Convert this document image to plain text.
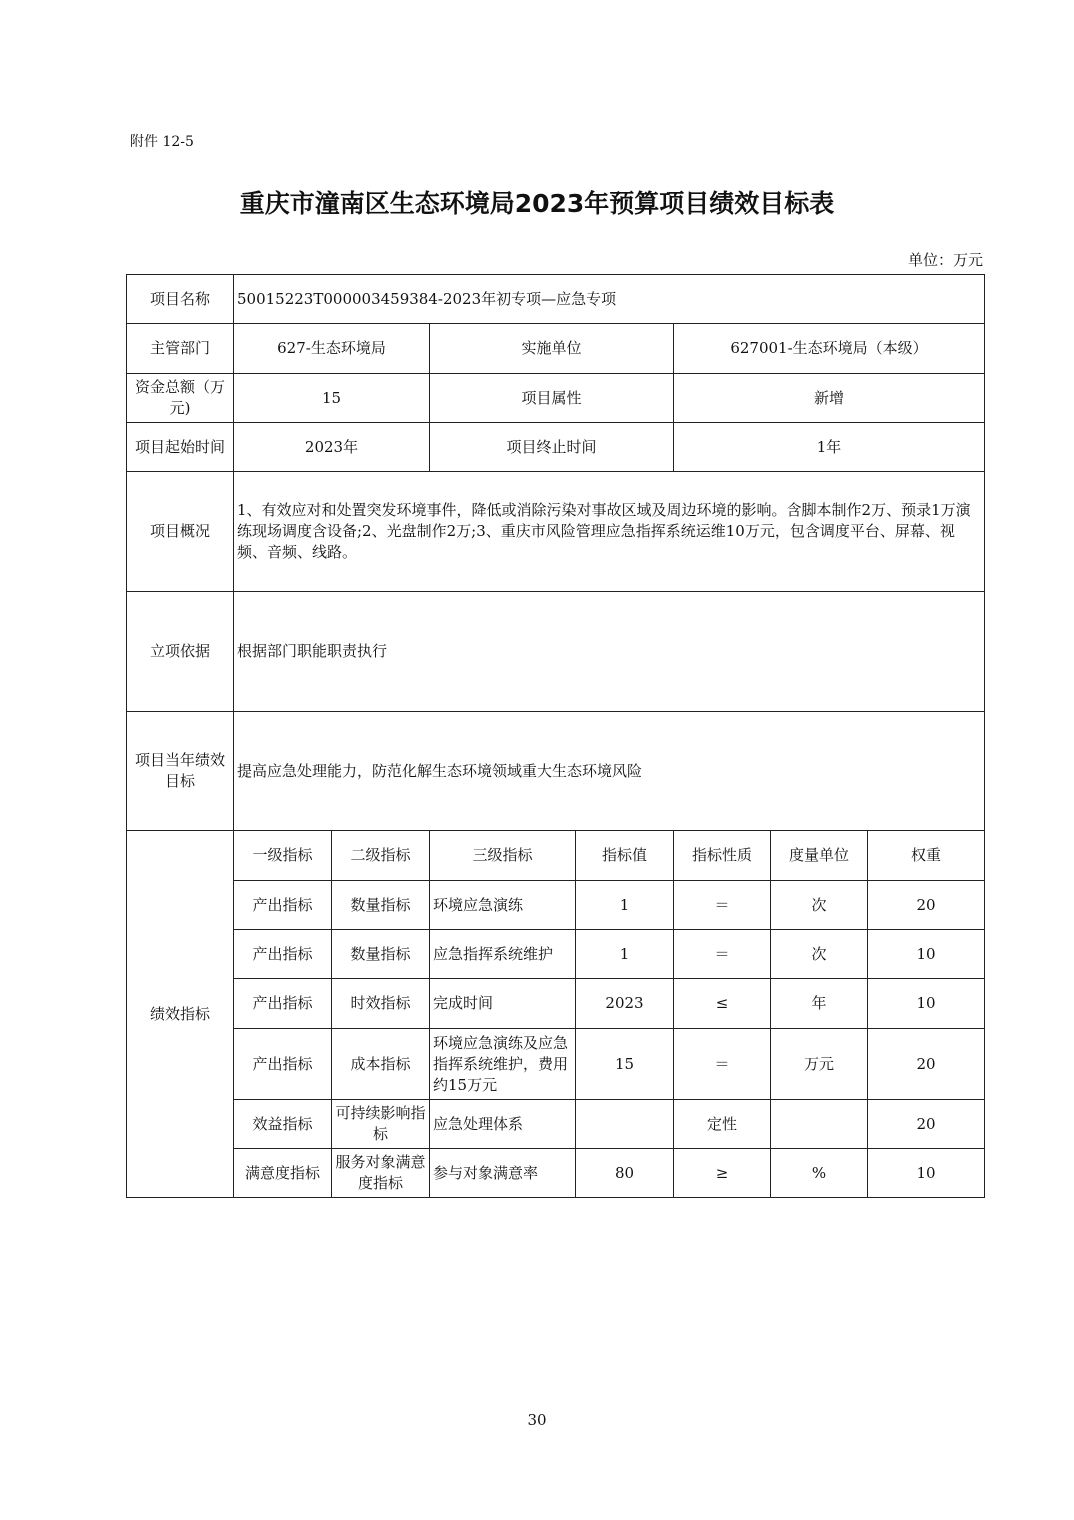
附件 12-5
重庆市潼南区生态环境局2023年预算项目绩效目标表
单位：万元
项目名称	50015223T000003459384-2023年初专项—应急专项						
主管部门	627-生态环境局		实施单位		627001-生态环境局（本级）		
资金总额（万元)	15		项目属性		新增		
项目起始时间	2023年		项目终止时间		1年		
项目概况	1、有效应对和处置突发环境事件，降低或消除污染对事故区域及周边环境的影响。含脚本制作2万、预录1万演练现场调度含设备;2、光盘制作2万;3、重庆市风险管理应急指挥系统运维10万元，包含调度平台、屏幕、视频、音频、线路。						
立项依据	根据部门职能职责执行						
项目当年绩效目标	提高应急处理能力，防范化解生态环境领域重大生态环境风险						
绩效指标	一级指标	二级指标	三级指标	指标值	指标性质	度量单位	权重
	产出指标	数量指标	环境应急演练	1	＝	次	20
	产出指标	数量指标	应急指挥系统维护	1	＝	次	10
	产出指标	时效指标	完成时间	2023	≤	年	10
	产出指标	成本指标	环境应急演练及应急指挥系统维护，费用约15万元	15	＝	万元	20
	效益指标	可持续影响指标	应急处理体系		定性		20
	满意度指标	服务对象满意度指标	参与对象满意率	80	≥	%	10
30
